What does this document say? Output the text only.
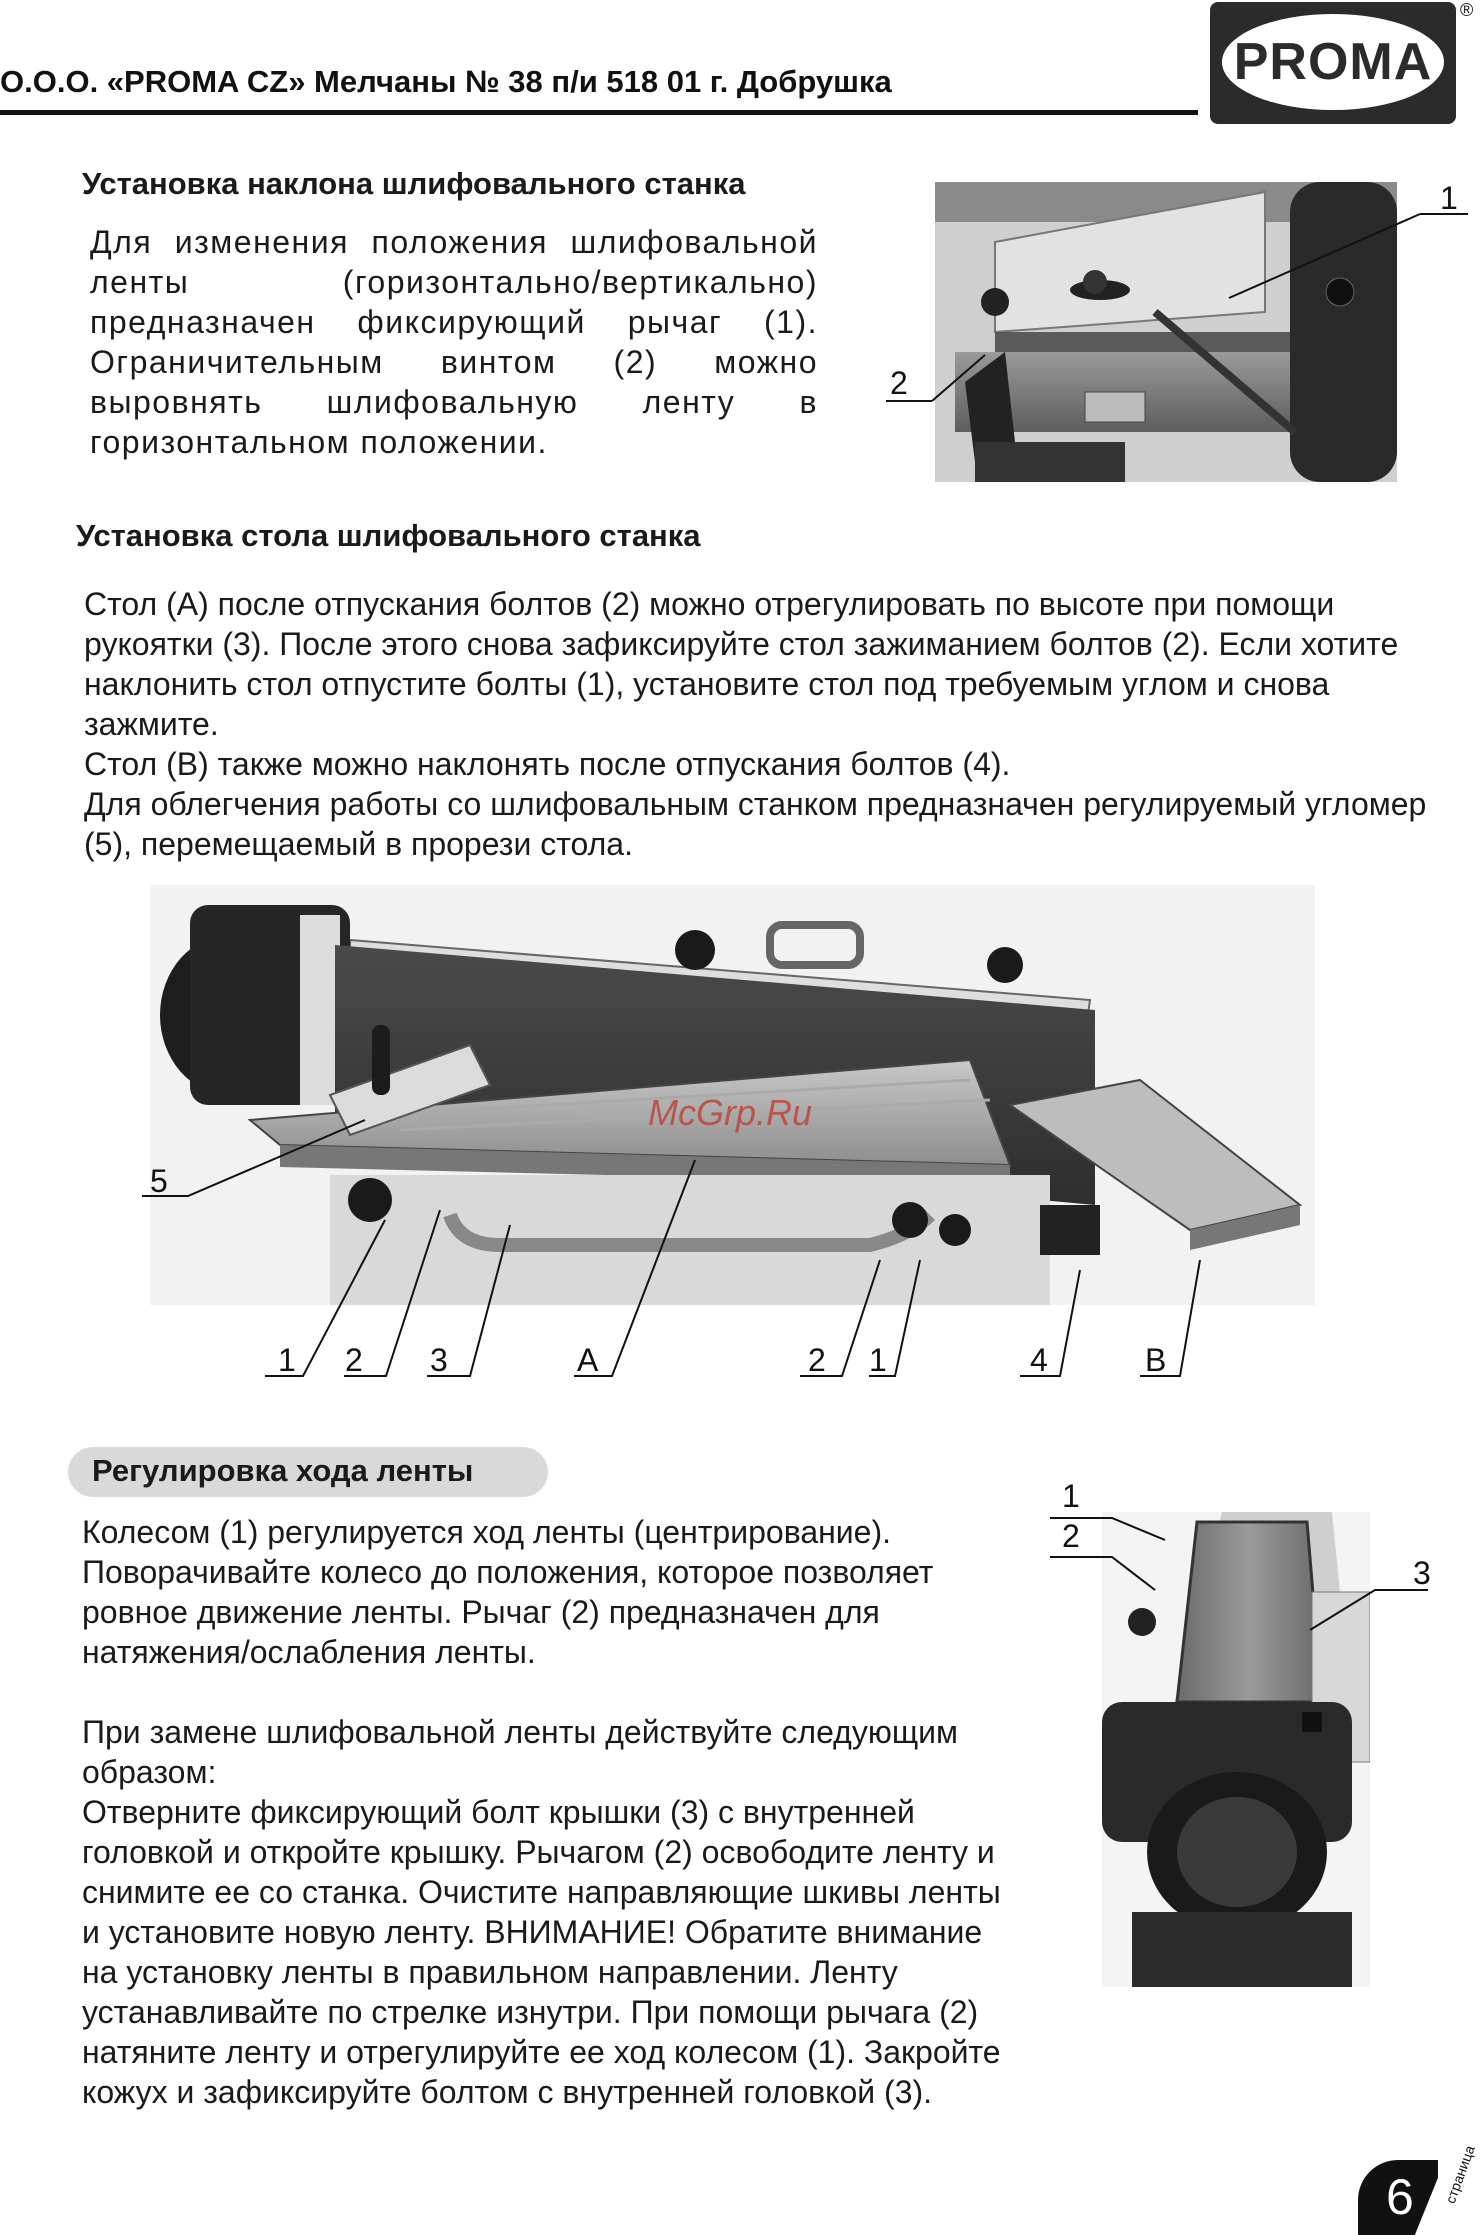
О.О.О. «PROMA CZ» Мелчаны № 38 п/и 518 01 г. Добрушка	PROMA
®
Установка наклона шлифовального станка

Для изменения положения шлифовальной ленты (горизонтально/вертикально) предназначен фиксирующий рычаг (1). Ограничительным винтом (2) можно выровнять шлифовальную ленту в горизонтальном положении.

1
2
Установка стола шлифовального станка

Стол (А) после отпускания болтов (2) можно отрегулировать по высоте при помощи рукоятки (3). После этого снова зафиксируйте стол зажиманием болтов (2). Если хотите наклонить стол отпустите болты (1), установите стол под требуемым углом и снова зажмите.

Стол (В) также можно наклонять после отпускания болтов (4).

Для облегчения работы со шлифовальным станком предназначен регулируемый угломер (5), перемещаемый в прорези стола.

McGrp.Ru
5
1 2 3	A	2 1	4	B
Регулировка хода ленты

Колесом (1) регулируется ход ленты (центрирование). Поворачивайте колесо до положения, которое позволяет ровное движение ленты. Рычаг (2) предназначен для натяжения/ослабления ленты.

При замене шлифовальной ленты действуйте следующим образом:

Отверните фиксирующий болт крышки (3) с внутренней головкой и откройте крышку. Рычагом (2) освободите ленту и снимите ее со станка. Очистите направляющие шкивы ленты и установите новую ленту. ВНИМАНИЕ! Обратите внимание на установку ленты в правильном направлении. Ленту устанавливайте по стрелке изнутри. При помощи рычага (2) натяните ленту и отрегулируйте ее ход колесом (1). Закройте кожух и зафиксируйте болтом с внутренней головкой (3).

1
2
3
6 страница
